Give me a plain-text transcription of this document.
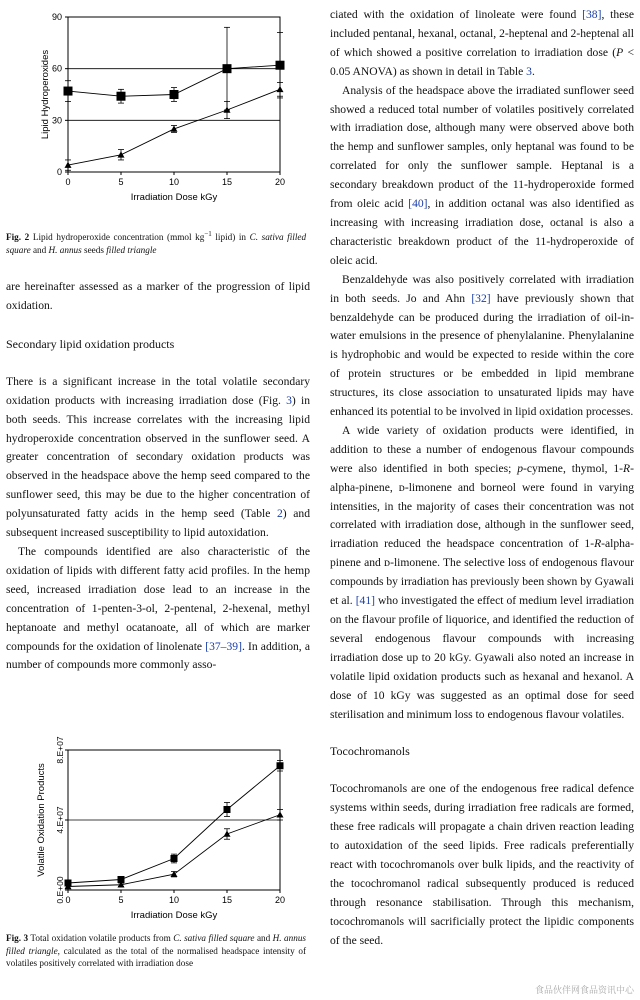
0	5	10	15	20
0
30
60
90
Irradiation Dose kGy
Lipid Hydroperoxides

Fig. 2 Lipid hydroperoxide concentration (mmol $kg^{-1}$ lipid) in C. sativa filled square and H. annus seeds filled triangle

are hereinafter assessed as a marker of the progression of lipid oxidation.

Secondary lipid oxidation products

There is a significant increase in the total volatile secondary oxidation products with increasing irradiation dose (Fig. 3) in both seeds. This increase correlates with the increasing lipid hydroperoxide concentration observed in the sunflower seed. A greater concentration of secondary oxidation products was observed in the headspace above the hemp seed compared to the sunflower seed, this may be due to the higher concentration of polyunsaturated fatty acids in the hemp seed (Table 2) and subsequent increased susceptibility to lipid autoxidation.

The compounds identified are also characteristic of the oxidation of lipids with different fatty acid profiles. In the hemp seed, increased irradiation dose lead to an increase in the concentration of 1-penten-3-ol, 2-pentenal, 2-hexenal, methyl heptanoate and methyl ocatanoate, all of which are marker compounds for the oxidation of linolenate [37–39]. In addition, a number of compounds more commonly asso-

0	5	10	15	20
0.E+00
4.E+07
8.E+07
Irradiation Dose kGy
Volatile Oxidation Products

Fig. 3 Total oxidation volatile products from C. sativa filled square and H. annus filled triangle, calculated as the total of the normalised headspace intensity of volatiles positively correlated with irradiation dose

ciated with the oxidation of linoleate were found [38], these included pentanal, hexanal, octanal, 2-heptenal and 2-heptenal all of which showed a positive correlation to irradiation dose (P < 0.05 ANOVA) as shown in detail in Table 3.

Analysis of the headspace above the irradiated sunflower seed showed a reduced total number of volatiles positively correlated with irradiation dose, although many were observed above both the hemp and sunflower samples, only heptanal was found to be correlated for only the sunflower sample. Heptanal is a secondary breakdown product of the 11-hydroperoxide formed from oleic acid [40], in addition octanal was also identified as increasing with increasing irradiation dose, octanal is also a characteristic breakdown product of the 11-hydroperoxide of oleic acid.

Benzaldehyde was also positively correlated with irradiation in both seeds. Jo and Ahn [32] have previously shown that benzaldehyde can be produced during the irradiation of oil-in-water emulsions in the presence of phenylalanine. Phenylalanine is hydrophobic and would be expected to reside within the core of protein structures or be embedded in lipid membrane structures, its close association to unsaturated lipids may have enhanced its potential to be involved in lipid oxidation processes.

A wide variety of oxidation products were identified, in addition to these a number of endogenous flavour compounds were also identified in both species; p-cymene, thymol, 1-R-alpha-pinene, ᴅ-limonene and borneol were found in varying intensities, in the majority of cases their concentration was not correlated with irradiation dose, although in the sunflower seed, irradiation reduced the headspace concentration of 1-R-alpha-pinene and ᴅ-limonene. The selective loss of endogenous flavour compounds by irradiation has previously been shown by Gyawali et al. [41] who investigated the effect of medium level irradiation on the flavour profile of liquorice, and identified the reduction of several endogenous flavour compounds with increasing irradiation dose up to 20 kGy. Gyawali also noted an increase in volatile lipid oxidation products such as hexanal and hexanol. A dose of 10 kGy was suggested as an optimal dose for seed sterilisation and minimum loss to endogenous flavour volatiles.

Tocochromanols

Tocochromanols are one of the endogenous free radical defence systems within seeds, during irradiation free radicals are formed, these free radicals will propagate a chain driven reaction leading to autoxidation of the seed lipids. Free radicals preferentially react with tocochromanols over bulk lipids, and the reactivity of the tocochromanol radical subsequently produced is reduced through resonance stabilisation. Through this mechanism, tocochromanols will sacrificially protect the lipidic components of the seed.

食品伙伴网食品资讯中心
